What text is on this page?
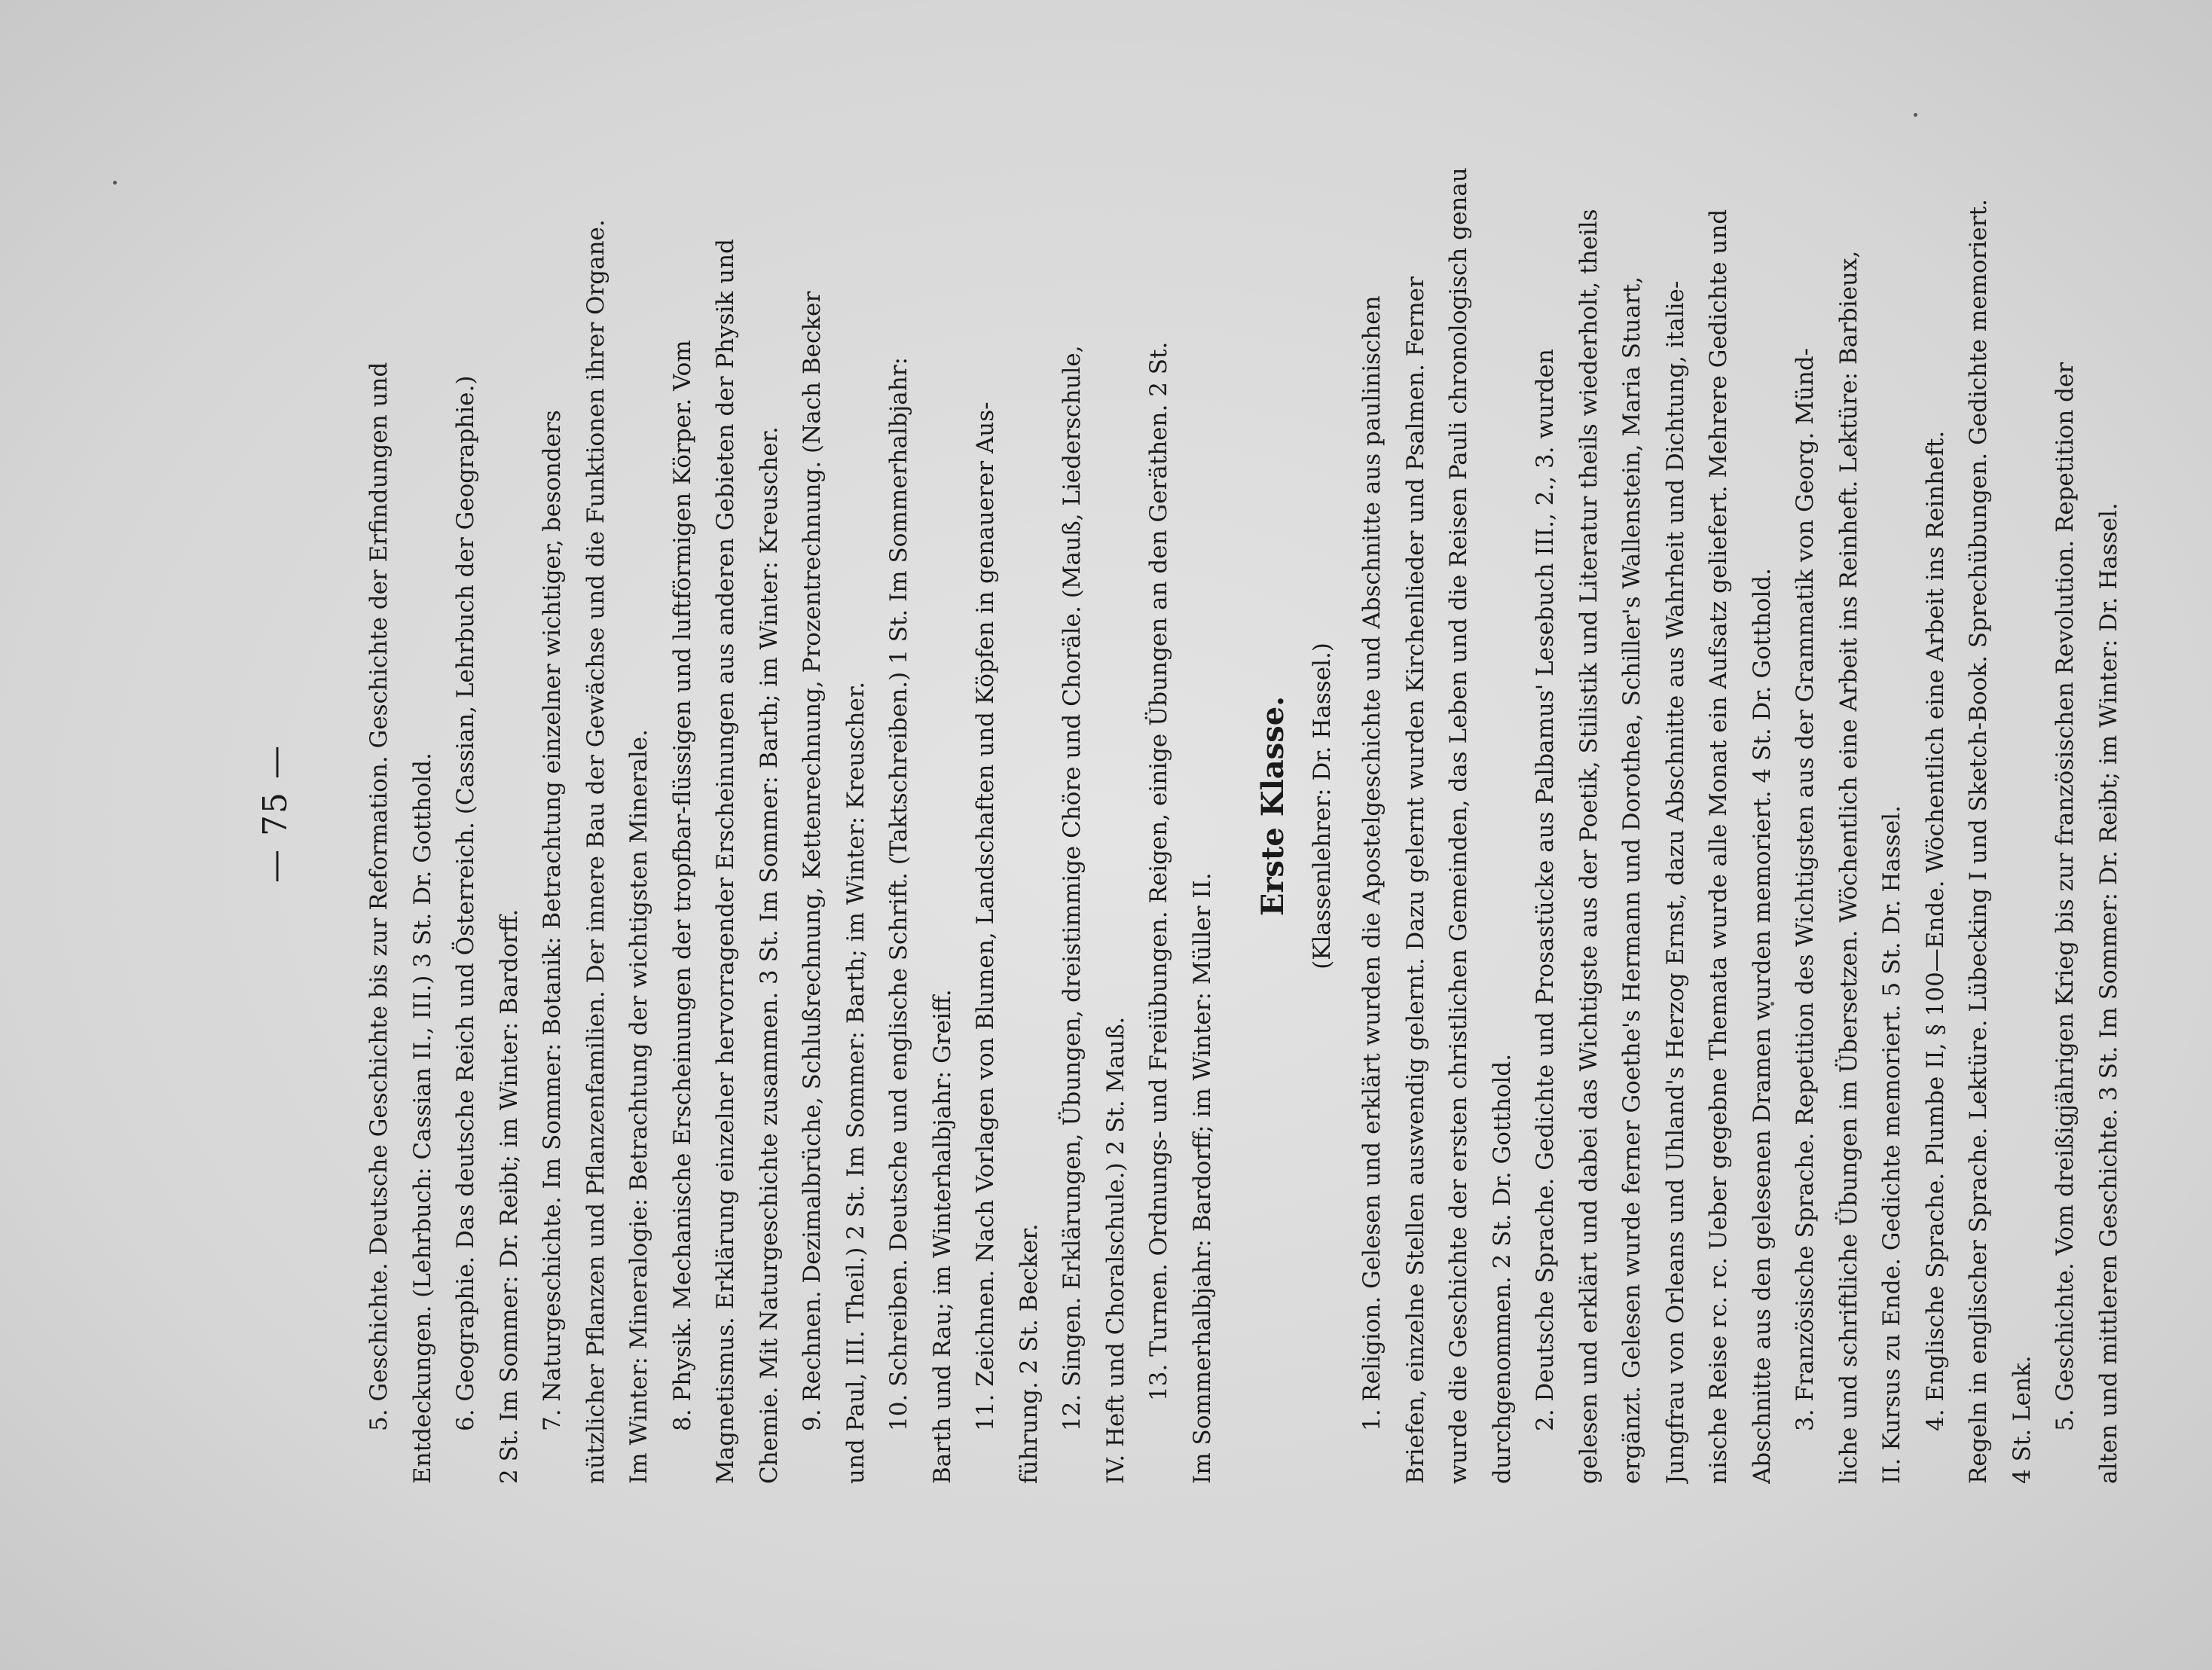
— 75 —	5. Geschichte. Deutsche Geschichte bis zur Reformation. Geschichte der Erfindungen und Entdeckungen. (Lehrbuch: Cassian II., III.) 3 St. Dr. Gotthold. 6. Geographie. Das deutsche Reich und Österreich. (Cassian, Lehrbuch der Geographie.) 2 St. Im Sommer: Dr. Reibt; im Winter: Bardorff. 7. Naturgeschichte. Im Sommer: Botanik: Betrachtung einzelner wichtiger, besonders nützlicher Pflanzen und Pflanzenfamilien. Der innere Bau der Gewächse und die Funktionen ihrer Organe. Im Winter: Mineralogie: Betrachtung der wichtigsten Minerale. 8. Physik. Mechanische Erscheinungen der tropfbar-flüssigen und luftförmigen Körper. Vom Magnetismus. Erklärung einzelner hervorragender Erscheinungen aus anderen Gebieten der Physik und Chemie. Mit Naturgeschichte zusammen. 3 St. Im Sommer: Barth; im Winter: Kreuscher. 9. Rechnen. Dezimalbrüche, Schlußrechnung, Kettenrechnung, Prozentrechnung. (Nach Becker und Paul, III. Theil.) 2 St. Im Sommer: Barth; im Winter: Kreuscher. 10. Schreiben. Deutsche und englische Schrift. (Taktschreiben.) 1 St. Im Sommerhalbjahr: Barth und Rau; im Winterhalbjahr: Greiff. 11. Zeichnen. Nach Vorlagen von Blumen, Landschaften und Köpfen in genauerer Aus- führung. 2 St. Becker. 12. Singen. Erklärungen, Übungen, dreistimmige Chöre und Choräle. (Mauß, Liederschule, IV. Heft und Choralschule.) 2 St. Mauß. 13. Turnen. Ordnungs- und Freiübungen. Reigen, einige Übungen an den Geräthen. 2 St. Im Sommerhalbjahr: Bardorff; im Winter: Müller II.
Erste Klasse. (Klassenlehrer: Dr. Hassel.) 1. Religion. Gelesen und erklärt wurden die Apostelgeschichte und Abschnitte aus paulinischen Briefen, einzelne Stellen auswendig gelernt. Dazu gelernt wurden Kirchenlieder und Psalmen. Ferner wurde die Geschichte der ersten christlichen Gemeinden, das Leben und die Reisen Pauli chronologisch genau durchgenommen. 2 St. Dr. Gotthold. 2. Deutsche Sprache. Gedichte und Prosastücke aus Palbamus' Lesebuch III., 2., 3. wurden gelesen und erklärt und dabei das Wichtigste aus der Poetik, Stilistik und Literatur theils wiederholt, theils ergänzt. Gelesen wurde ferner Goethe's Hermann und Dorothea, Schiller's Wallenstein, Maria Stuart, Jungfrau von Orleans und Uhland's Herzog Ernst, dazu Abschnitte aus Wahrheit und Dichtung, italie- nische Reise rc. rc. Ueber gegebne Themata wurde alle Monat ein Aufsatz geliefert. Mehrere Gedichte und Abschnitte aus den gelesenen Dramen wurden memoriert. 4 St. Dr. Gotthold. 3. Französische Sprache. Repetition des Wichtigsten aus der Grammatik von Georg. Münd- liche und schriftliche Übungen im Übersetzen. Wöchentlich eine Arbeit ins Reinheft. Lektüre: Barbieux, II. Kursus zu Ende. Gedichte memoriert. 5 St. Dr. Hassel. 4. Englische Sprache. Plumbe II, § 100—Ende. Wöchentlich eine Arbeit ins Reinheft. Regeln in englischer Sprache. Lektüre. Lübecking I und Sketch-Book. Sprechübungen. Gedichte memoriert. 4 St. Lenk. 5. Geschichte. Vom dreißigjährigen Krieg bis zur französischen Revolution. Repetition der alten und mittleren Geschichte. 3 St. Im Sommer: Dr. Reibt; im Winter: Dr. Hassel.
